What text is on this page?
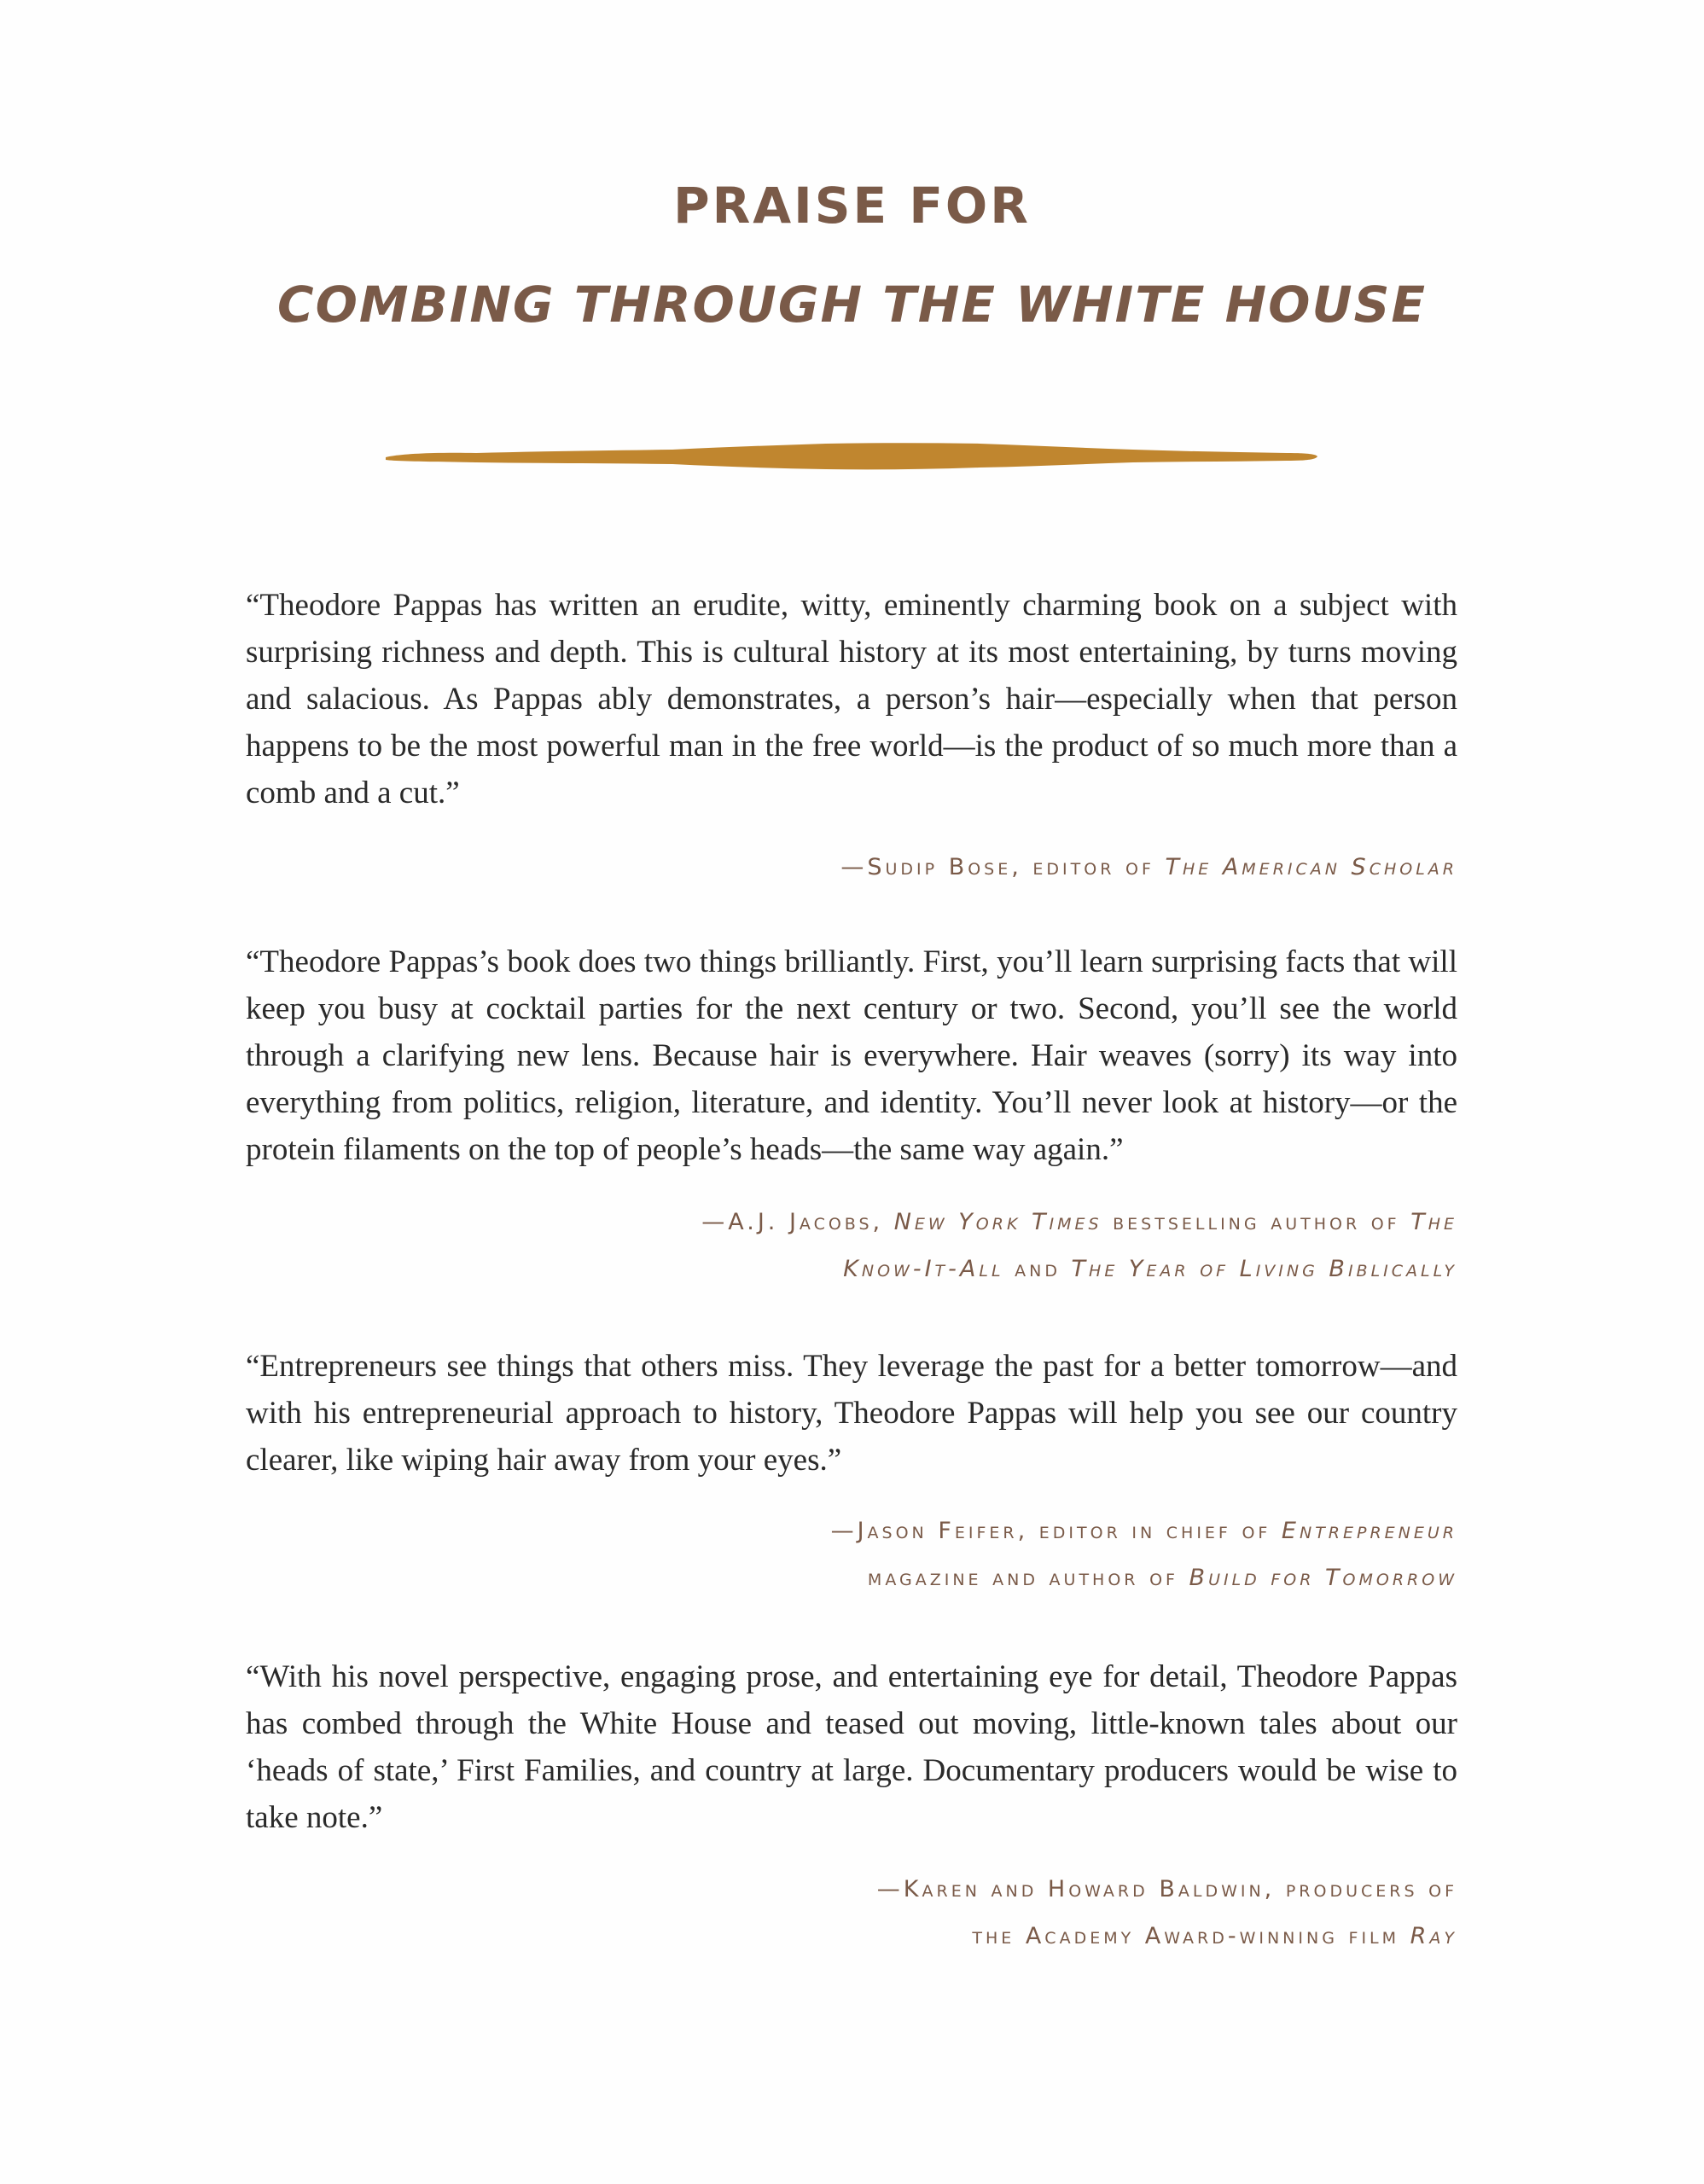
PRAISE FOR
COMBING THROUGH THE WHITE HOUSE

“Theodore Pappas has written an erudite, witty, eminently charming book on a subject with surprising richness and depth. This is cultural history at its most entertaining, by turns moving and salacious. As Pappas ably demonstrates, a person’s hair—especially when that person happens to be the most powerful man in the free world—is the product of so much more than a comb and a cut.”

—Sudip Bose, editor of The American Scholar

“Theodore Pappas’s book does two things brilliantly. First, you’ll learn surprising facts that will keep you busy at cocktail parties for the next century or two. Second, you’ll see the world through a clarifying new lens. Because hair is everywhere. Hair weaves (sorry) its way into everything from politics, religion, literature, and identity. You’ll never look at history—or the protein filaments on the top of people’s heads—the same way again.”

—A.J. Jacobs, New York Times bestselling author of The
Know-It-All and The Year of Living Biblically

“Entrepreneurs see things that others miss. They leverage the past for a better tomorrow—and with his entrepreneurial approach to history, Theodore Pappas will help you see our country clearer, like wiping hair away from your eyes.”

—Jason Feifer, editor in chief of Entrepreneur
magazine and author of Build for Tomorrow

“With his novel perspective, engaging prose, and entertaining eye for detail, Theodore Pappas has combed through the White House and teased out moving, little-known tales about our ‘heads of state,’ First Families, and country at large. Documentary producers would be wise to take note.”

—Karen and Howard Baldwin, producers of
the Academy Award-winning film Ray
